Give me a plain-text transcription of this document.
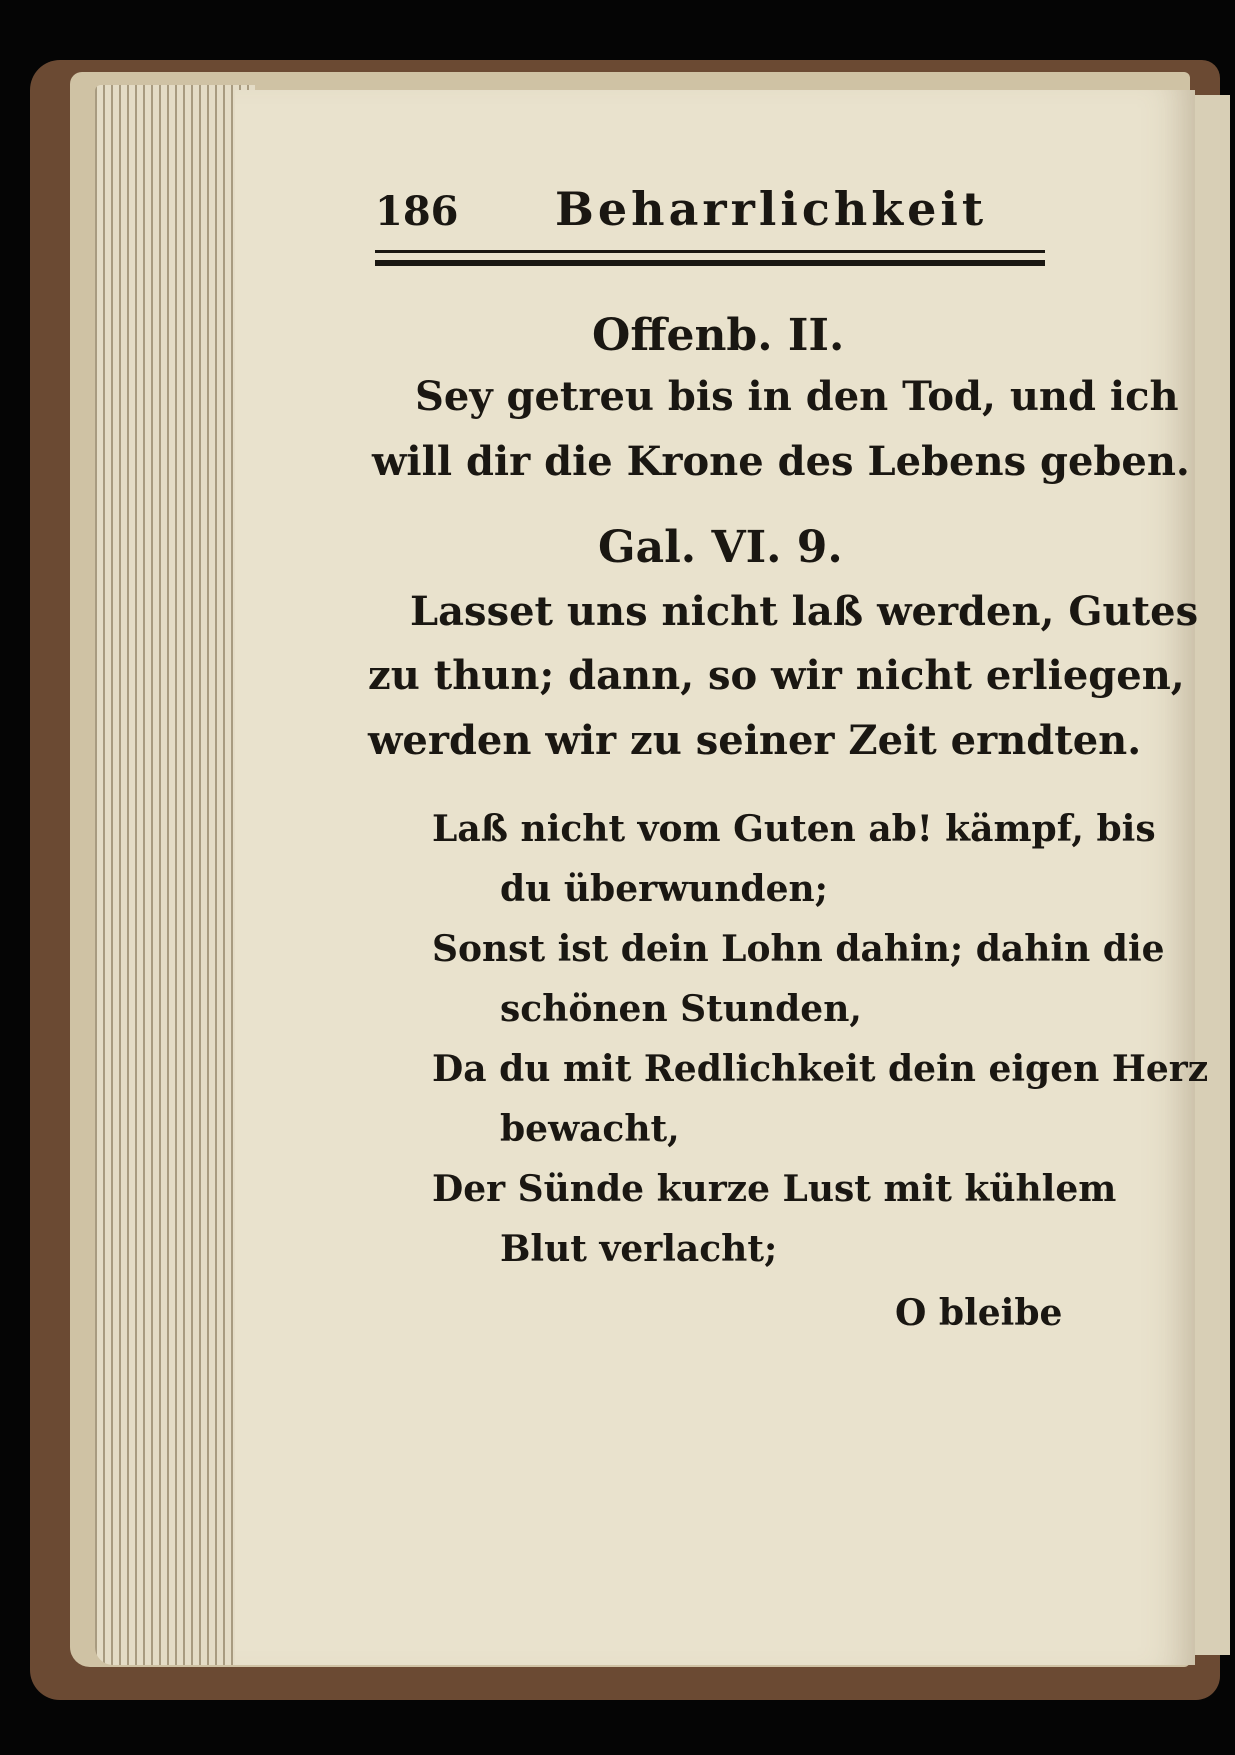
186 Beharrlichkeit
Offenb. II.
Sey getreu bis in den Tod, und ich
will dir die Krone des Lebens geben.
Gal. VI. 9.
Lasset uns nicht laß werden, Gutes
zu thun; dann, so wir nicht erliegen,
werden wir zu seiner Zeit erndten.
Laß nicht vom Guten ab! kämpf, bis
du überwunden;
Sonst ist dein Lohn dahin; dahin die
schönen Stunden,
Da du mit Redlichkeit dein eigen Herz
bewacht,
Der Sünde kurze Lust mit kühlem
Blut verlacht;
O bleibe
